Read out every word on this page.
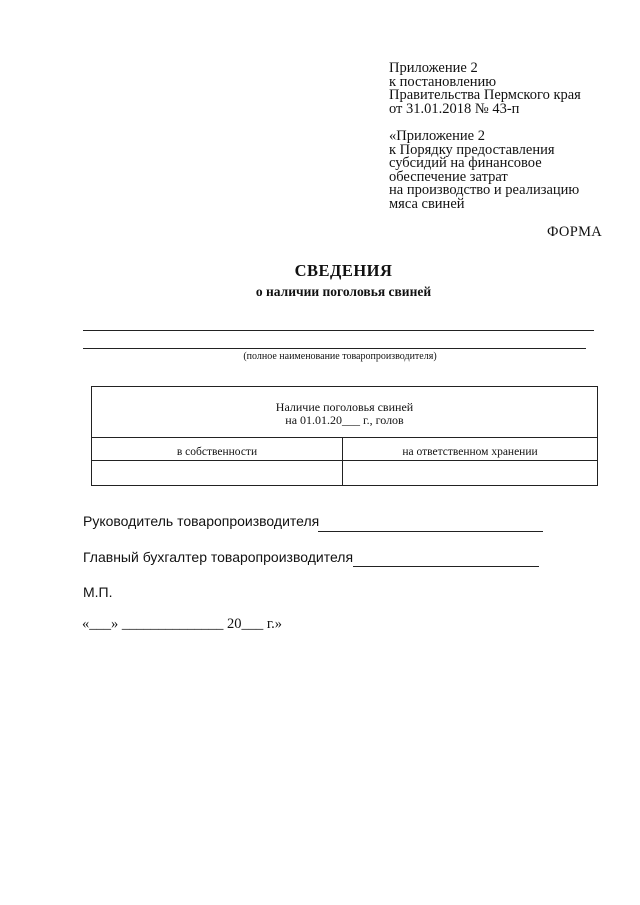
Приложение 2
к постановлению
Правительства Пермского края
от 31.01.2018 № 43-п
«Приложение 2
к Порядку предоставления
субсидий на финансовое
обеспечение затрат
на производство и реализацию
мяса свиней
ФОРМА
СВЕДЕНИЯ
о наличии поголовья свиней
(полное наименование товаропроизводителя)
Наличие поголовья свиней
на 01.01.20___ г., голов
в собственности	на ответственном хранении
Руководитель товаропроизводителя
Главный бухгалтер товаропроизводителя
М.П.
«___» ______________ 20___ г.»
